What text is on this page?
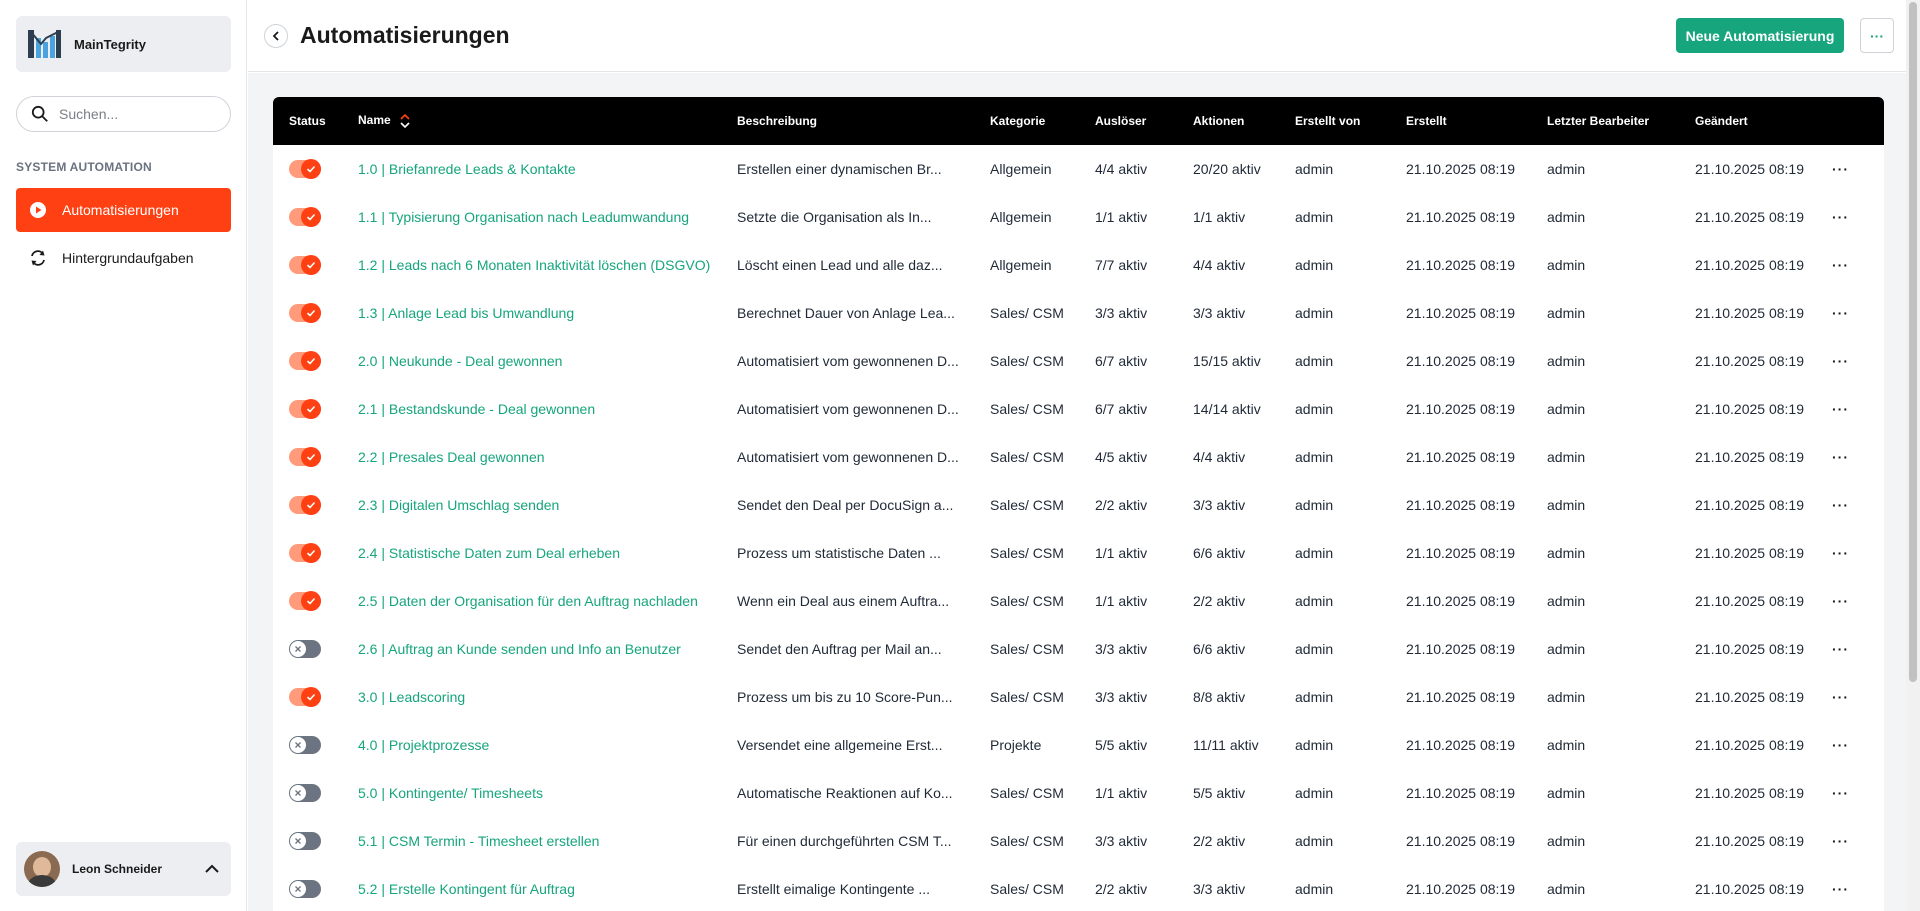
MainTegrity
Suchen...
SYSTEM AUTOMATION
Automatisierungen
Hintergrundaufgaben
Leon Schneider
Automatisierungen	Neue Automatisierung	···
Status	Name	Beschreibung	Kategorie	Auslöser	Aktionen	Erstellt von	Erstellt	Letzter Bearbeiter	Geändert	

	1.0 | Briefanrede Leads & Kontakte	Erstellen einer dynamischen Br...	Allgemein	4/4 aktiv	20/20 aktiv	admin	21.10.2025 08:19	admin	21.10.2025 08:19	···

	1.1 | Typisierung Organisation nach Leadumwandung	Setzte die Organisation als In...	Allgemein	1/1 aktiv	1/1 aktiv	admin	21.10.2025 08:19	admin	21.10.2025 08:19	···

	1.2 | Leads nach 6 Monaten Inaktivität löschen (DSGVO)	Löscht einen Lead und alle daz...	Allgemein	7/7 aktiv	4/4 aktiv	admin	21.10.2025 08:19	admin	21.10.2025 08:19	···

	1.3 | Anlage Lead bis Umwandlung	Berechnet Dauer von Anlage Lea...	Sales/ CSM	3/3 aktiv	3/3 aktiv	admin	21.10.2025 08:19	admin	21.10.2025 08:19	···

	2.0 | Neukunde - Deal gewonnen	Automatisiert vom gewonnenen D...	Sales/ CSM	6/7 aktiv	15/15 aktiv	admin	21.10.2025 08:19	admin	21.10.2025 08:19	···

	2.1 | Bestandskunde - Deal gewonnen	Automatisiert vom gewonnenen D...	Sales/ CSM	6/7 aktiv	14/14 aktiv	admin	21.10.2025 08:19	admin	21.10.2025 08:19	···

	2.2 | Presales Deal gewonnen	Automatisiert vom gewonnenen D...	Sales/ CSM	4/5 aktiv	4/4 aktiv	admin	21.10.2025 08:19	admin	21.10.2025 08:19	···

	2.3 | Digitalen Umschlag senden	Sendet den Deal per DocuSign a...	Sales/ CSM	2/2 aktiv	3/3 aktiv	admin	21.10.2025 08:19	admin	21.10.2025 08:19	···

	2.4 | Statistische Daten zum Deal erheben	Prozess um statistische Daten ...	Sales/ CSM	1/1 aktiv	6/6 aktiv	admin	21.10.2025 08:19	admin	21.10.2025 08:19	···

	2.5 | Daten der Organisation für den Auftrag nachladen	Wenn ein Deal aus einem Auftra...	Sales/ CSM	1/1 aktiv	2/2 aktiv	admin	21.10.2025 08:19	admin	21.10.2025 08:19	···

	2.6 | Auftrag an Kunde senden und Info an Benutzer	Sendet den Auftrag per Mail an...	Sales/ CSM	3/3 aktiv	6/6 aktiv	admin	21.10.2025 08:19	admin	21.10.2025 08:19	···

	3.0 | Leadscoring	Prozess um bis zu 10 Score-Pun...	Sales/ CSM	3/3 aktiv	8/8 aktiv	admin	21.10.2025 08:19	admin	21.10.2025 08:19	···

	4.0 | Projektprozesse	Versendet eine allgemeine Erst...	Projekte	5/5 aktiv	11/11 aktiv	admin	21.10.2025 08:19	admin	21.10.2025 08:19	···

	5.0 | Kontingente/ Timesheets	Automatische Reaktionen auf Ko...	Sales/ CSM	1/1 aktiv	5/5 aktiv	admin	21.10.2025 08:19	admin	21.10.2025 08:19	···

	5.1 | CSM Termin - Timesheet erstellen	Für einen durchgeführten CSM T...	Sales/ CSM	3/3 aktiv	2/2 aktiv	admin	21.10.2025 08:19	admin	21.10.2025 08:19	···

	5.2 | Erstelle Kontingent für Auftrag	Erstellt eimalige Kontingente ...	Sales/ CSM	2/2 aktiv	3/3 aktiv	admin	21.10.2025 08:19	admin	21.10.2025 08:19	···
